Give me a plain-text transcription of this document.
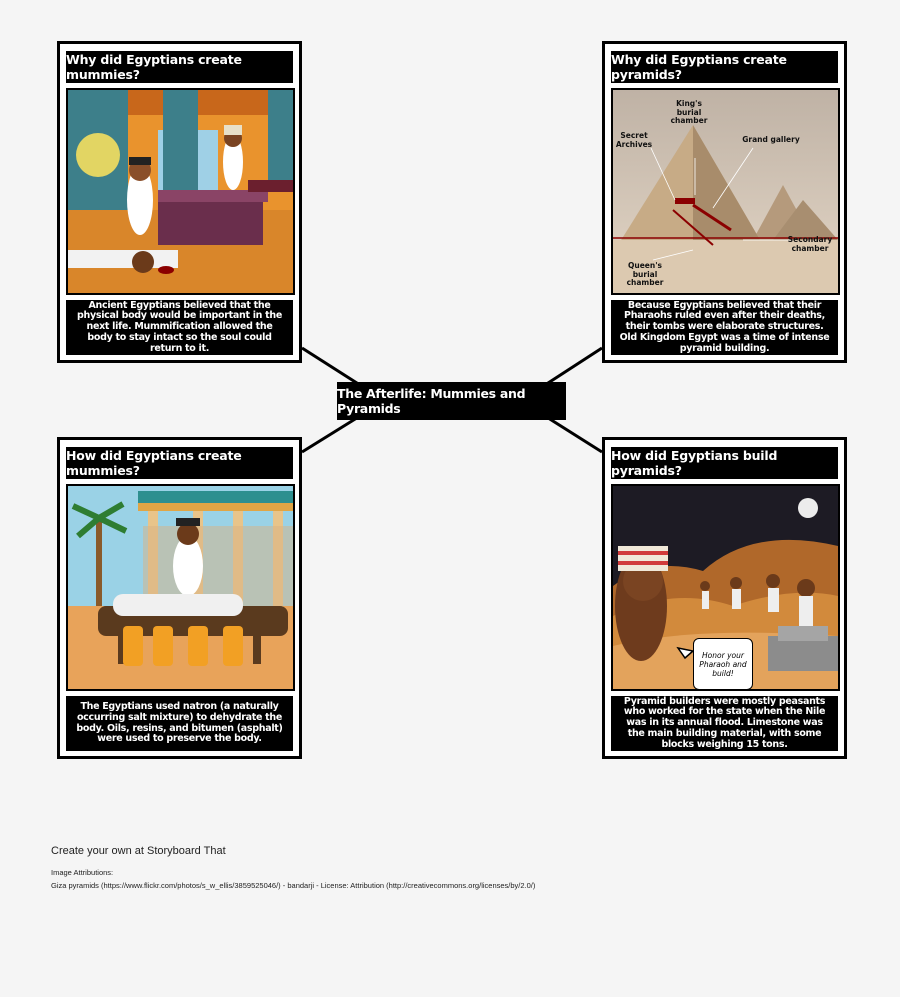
Why did Egyptians create mummies?
Ancient Egyptians believed that the physical body would be important in the next life. Mummification allowed the body to stay intact so the soul could return to it.
Why did Egyptians create pyramids?
King's burial chamber
Secret Archives	Grand gallery
Secondary chamber
Queen's burial chamber
Because Egyptians believed that their Pharaohs ruled even after their deaths, their tombs were elaborate structures. Old Kingdom Egypt was a time of intense pyramid building.
How did Egyptians create mummies?
The Egyptians used natron (a naturally occurring salt mixture) to dehydrate the body. Oils, resins, and bitumen (asphalt) were used to preserve the body.
How did Egyptians build pyramids?
Honor your Pharaoh and build!
Pyramid builders were mostly peasants who worked for the state when the Nile was in its annual flood. Limestone was the main building material, with some blocks weighing 15 tons.
The Afterlife: Mummies and Pyramids
Create your own at Storyboard That
Image Attributions:
Giza pyramids (https://www.flickr.com/photos/s_w_ellis/3859525046/) - bandarji - License: Attribution (http://creativecommons.org/licenses/by/2.0/)
